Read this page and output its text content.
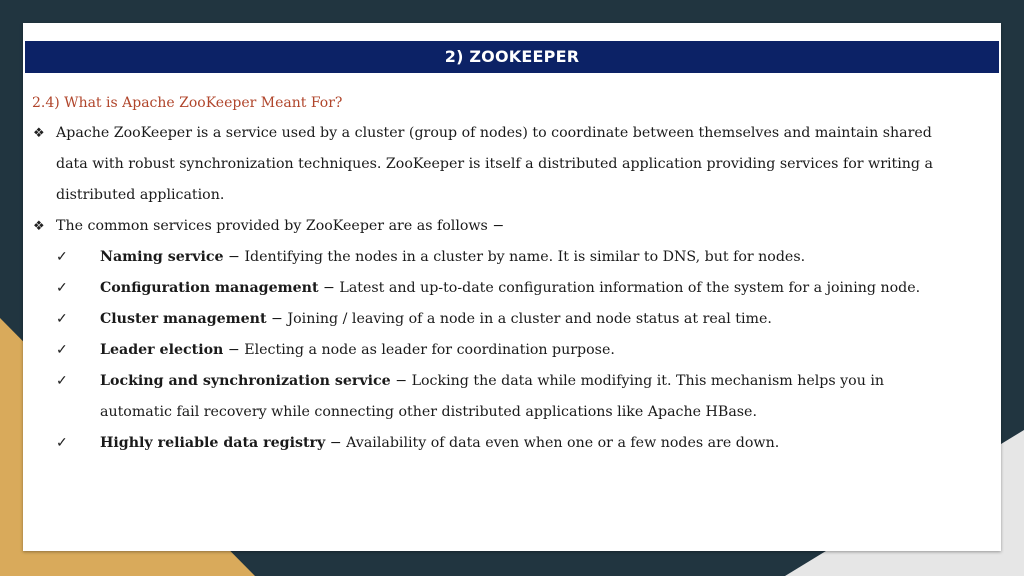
2) ZOOKEEPER
2.4) What is Apache ZooKeeper Meant For?
❖ Apache ZooKeeper is a service used by a cluster (group of nodes) to coordinate between themselves and maintain shared data with robust synchronization techniques. ZooKeeper is itself a distributed application providing services for writing a distributed application.
❖ The common services provided by ZooKeeper are as follows −
✓ Naming service − Identifying the nodes in a cluster by name. It is similar to DNS, but for nodes.
✓ Configuration management − Latest and up-to-date configuration information of the system for a joining node.
✓ Cluster management − Joining / leaving of a node in a cluster and node status at real time.
✓ Leader election − Electing a node as leader for coordination purpose.
✓ Locking and synchronization service − Locking the data while modifying it. This mechanism helps you in automatic fail recovery while connecting other distributed applications like Apache HBase.
✓ Highly reliable data registry − Availability of data even when one or a few nodes are down.
